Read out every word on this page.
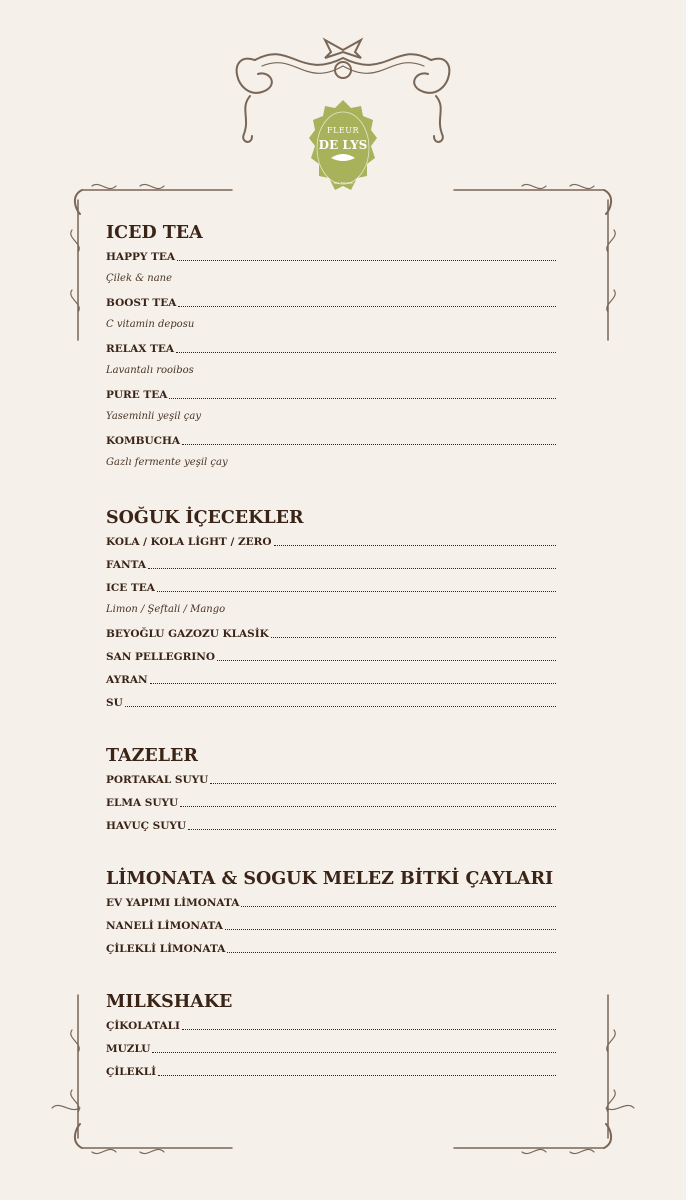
FLEUR
DE LYS
TEA ROOMS
ICED TEA
HAPPY TEA
Çilek & nane
BOOST TEA
C vitamin deposu
RELAX TEA
Lavantalı rooibos
PURE TEA
Yaseminli yeşil çay
KOMBUCHA
Gazlı fermente yeşil çay
SOĞUK İÇECEKLER
KOLA / KOLA LİGHT / ZERO
FANTA
ICE TEA
Limon / Şeftali / Mango
BEYOĞLU GAZOZU KLASİK
SAN PELLEGRINO
AYRAN
SU
TAZELER
PORTAKAL SUYU
ELMA SUYU
HAVUÇ SUYU
LİMONATA & SOGUK MELEZ BİTKİ ÇAYLARI
EV YAPIMI LİMONATA
NANELİ LİMONATA
ÇİLEKLİ LİMONATA
MILKSHAKE
ÇİKOLATALI
MUZLU
ÇİLEKLİ
